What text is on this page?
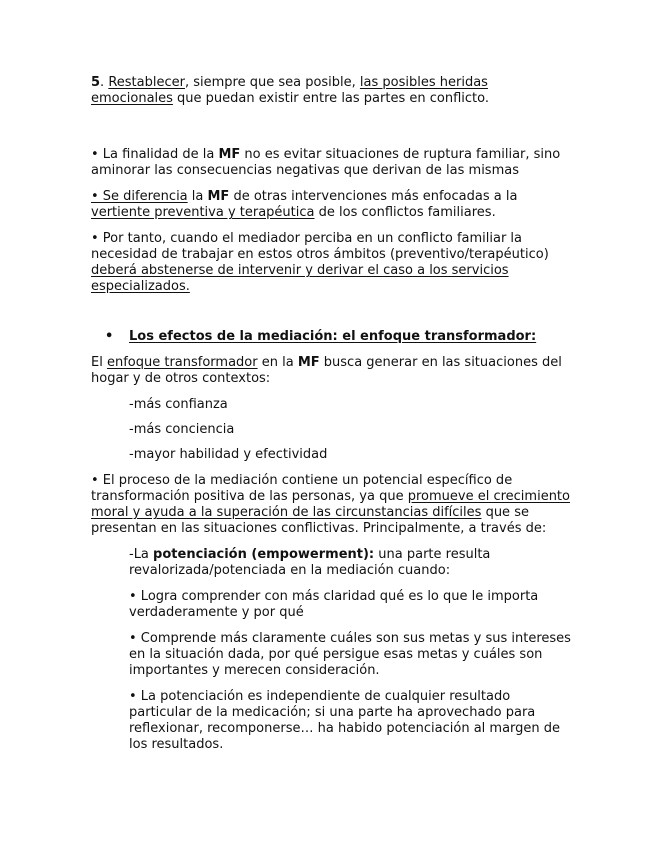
5. Restablecer, siempre que sea posible, las posibles heridas emocionales que puedan existir entre las partes en conflicto.

• La finalidad de la MF no es evitar situaciones de ruptura familiar, sino aminorar las consecuencias negativas que derivan de las mismas

• Se diferencia la MF de otras intervenciones más enfocadas a la vertiente preventiva y terapéutica de los conflictos familiares.

• Por tanto, cuando el mediador perciba en un conflicto familiar la necesidad de trabajar en estos otros ámbitos (preventivo/terapéutico) deberá abstenerse de intervenir y derivar el caso a los servicios especializados.

•	Los efectos de la mediación: el enfoque transformador:

El enfoque transformador en la MF busca generar en las situaciones del hogar y de otros contextos:

-más confianza

-más conciencia

-mayor habilidad y efectividad

• El proceso de la mediación contiene un potencial específico de transformación positiva de las personas, ya que promueve el crecimiento moral y ayuda a la superación de las circunstancias difíciles que se presentan en las situaciones conflictivas. Principalmente, a través de:

-La potenciación (empowerment): una parte resulta revalorizada/potenciada en la mediación cuando:

• Logra comprender con más claridad qué es lo que le importa verdaderamente y por qué

• Comprende más claramente cuáles son sus metas y sus intereses en la situación dada, por qué persigue esas metas y cuáles son importantes y merecen consideración.

• La potenciación es independiente de cualquier resultado particular de la medicación; si una parte ha aprovechado para reflexionar, recomponerse… ha habido potenciación al margen de los resultados.
